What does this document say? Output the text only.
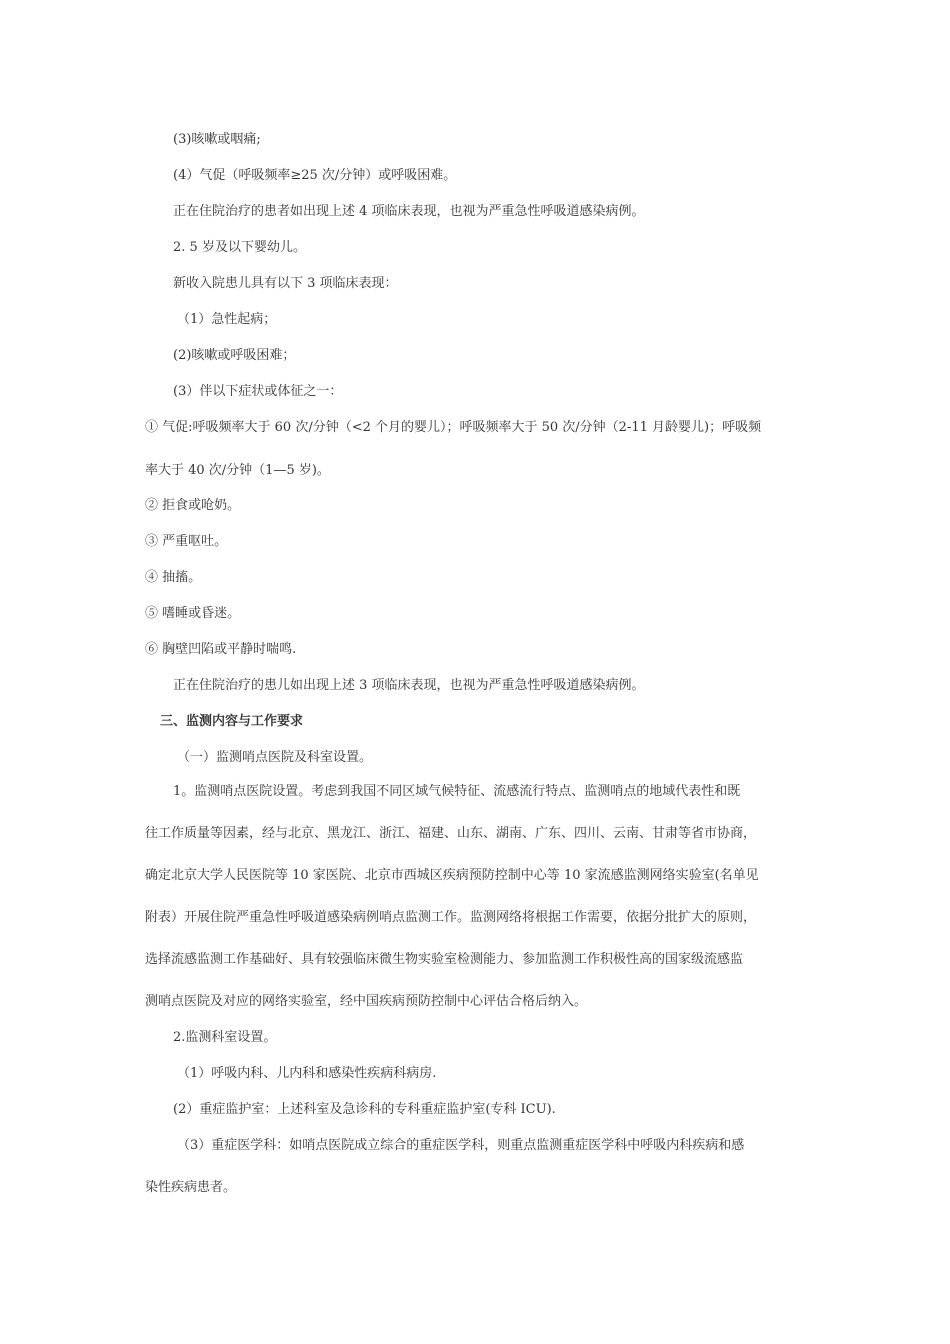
(3)咳嗽或咽痛;
(4）气促（呼吸频率≥25 次/分钟）或呼吸困难。
正在住院治疗的患者如出现上述 4 项临床表现，也视为严重急性呼吸道感染病例。
2. 5 岁及以下婴幼儿。
新收入院患儿具有以下 3 项临床表现：
（1）急性起病；
(2)咳嗽或呼吸困难；
(3）伴以下症状或体征之一：
① 气促:呼吸频率大于 60 次/分钟（<2 个月的婴儿）；呼吸频率大于 50 次/分钟（2-11 月龄婴儿)；呼吸频
率大于 40 次/分钟（1—5 岁)。
② 拒食或呛奶。
③ 严重呕吐。
④ 抽搐。
⑤ 嗜睡或昏迷。
⑥ 胸壁凹陷或平静时喘鸣.
正在住院治疗的患儿如出现上述 3 项临床表现，也视为严重急性呼吸道感染病例。
三、监测内容与工作要求
（一）监测哨点医院及科室设置。
1。监测哨点医院设置。考虑到我国不同区域气候特征、流感流行特点、监测哨点的地域代表性和既
往工作质量等因素，经与北京、黑龙江、浙江、福建、山东、湖南、广东、四川、云南、甘肃等省市协商，
确定北京大学人民医院等 10 家医院、北京市西城区疾病预防控制中心等 10 家流感监测网络实验室(名单见
附表）开展住院严重急性呼吸道感染病例哨点监测工作。监测网络将根据工作需要，依据分批扩大的原则，
选择流感监测工作基础好、具有较强临床微生物实验室检测能力、参加监测工作积极性高的国家级流感监
测哨点医院及对应的网络实验室，经中国疾病预防控制中心评估合格后纳入。
2.监测科室设置。
（1）呼吸内科、儿内科和感染性疾病科病房.
(2）重症监护室：上述科室及急诊科的专科重症监护室(专科 ICU).
（3）重症医学科：如哨点医院成立综合的重症医学科，则重点监测重症医学科中呼吸内科疾病和感
染性疾病患者。
